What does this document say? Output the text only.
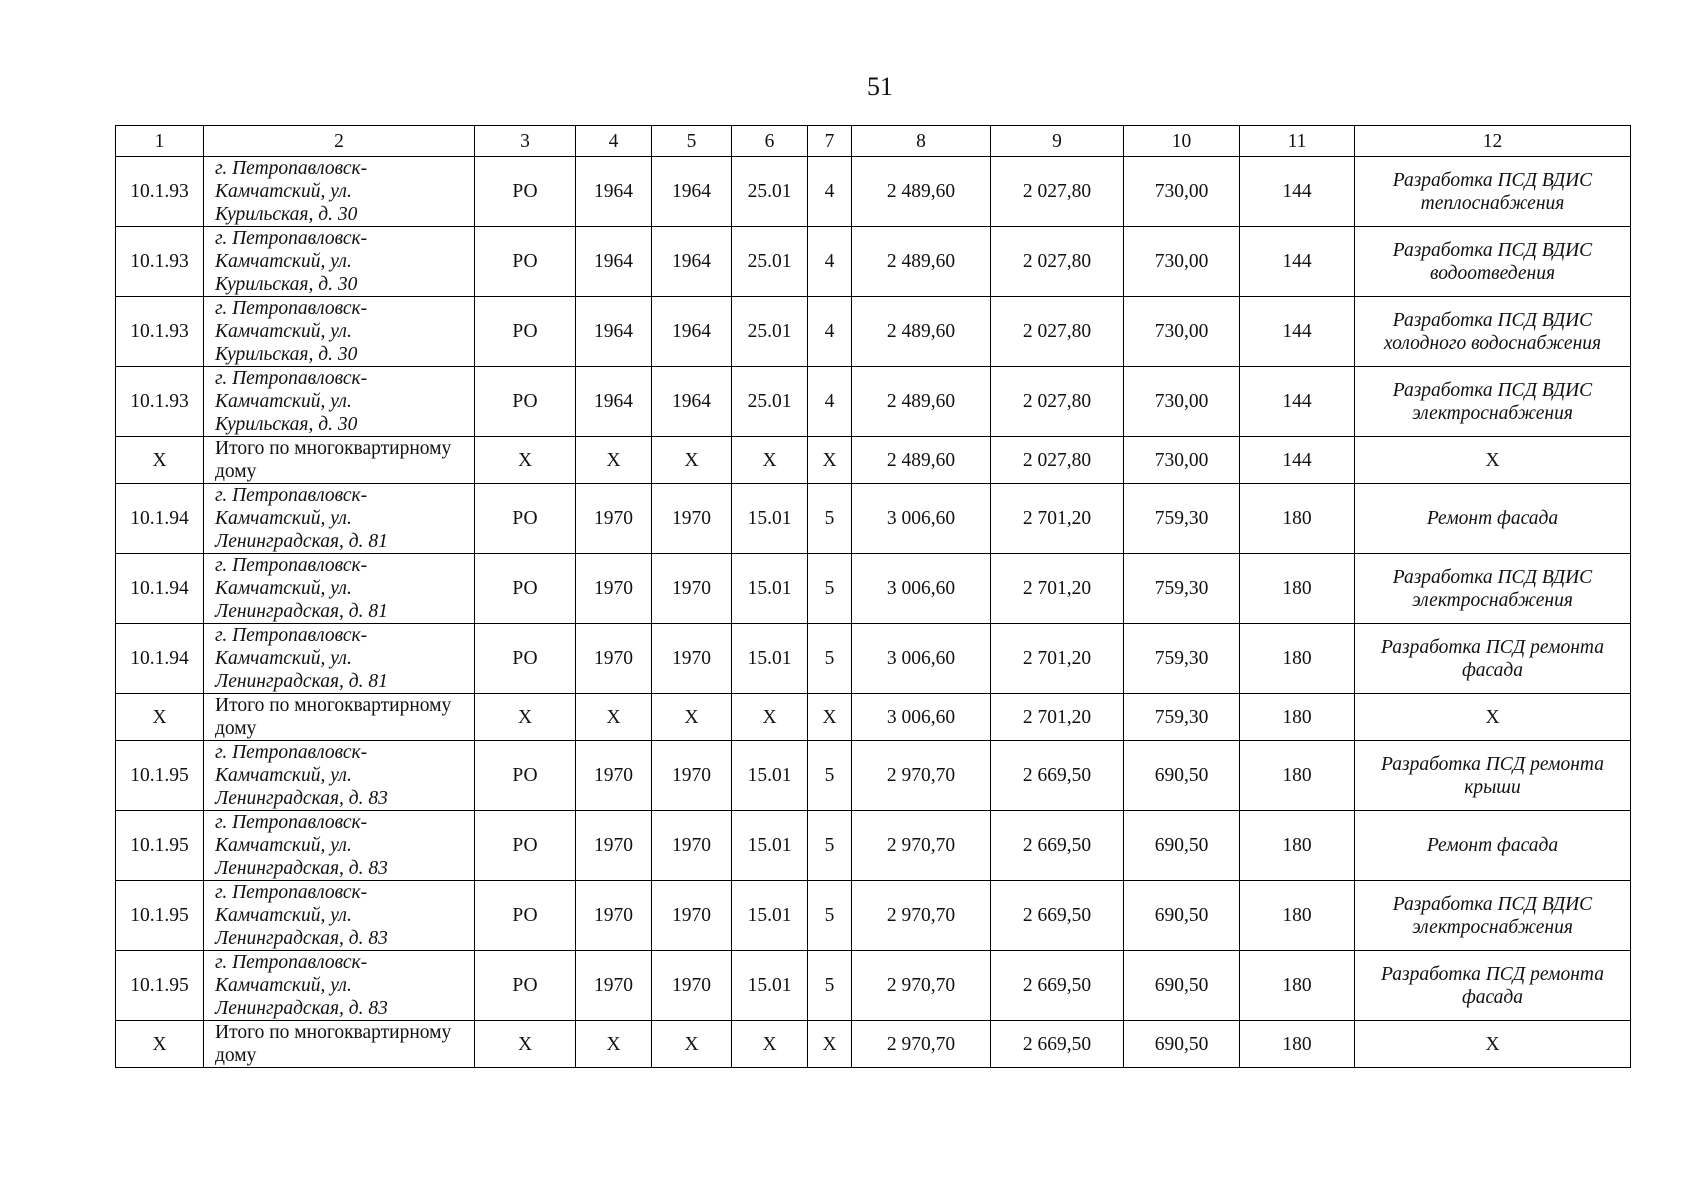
51
1	2	3	4	5	6	7	8	9	10	11	12
10.1.93	г. Петропавловск-
Камчатский, ул.
Курильская, д. 30	РО	1964	1964	25.01	4	2 489,60	2 027,80	730,00	144	Разработка ПСД ВДИС
теплоснабжения
10.1.93	г. Петропавловск-
Камчатский, ул.
Курильская, д. 30	РО	1964	1964	25.01	4	2 489,60	2 027,80	730,00	144	Разработка ПСД ВДИС
водоотведения
10.1.93	г. Петропавловск-
Камчатский, ул.
Курильская, д. 30	РО	1964	1964	25.01	4	2 489,60	2 027,80	730,00	144	Разработка ПСД ВДИС
холодного водоснабжения
10.1.93	г. Петропавловск-
Камчатский, ул.
Курильская, д. 30	РО	1964	1964	25.01	4	2 489,60	2 027,80	730,00	144	Разработка ПСД ВДИС
электроснабжения
Х	Итого по многоквартирному
дому	Х	Х	Х	Х	Х	2 489,60	2 027,80	730,00	144	Х
10.1.94	г. Петропавловск-
Камчатский, ул.
Ленинградская, д. 81	РО	1970	1970	15.01	5	3 006,60	2 701,20	759,30	180	Ремонт фасада
10.1.94	г. Петропавловск-
Камчатский, ул.
Ленинградская, д. 81	РО	1970	1970	15.01	5	3 006,60	2 701,20	759,30	180	Разработка ПСД ВДИС
электроснабжения
10.1.94	г. Петропавловск-
Камчатский, ул.
Ленинградская, д. 81	РО	1970	1970	15.01	5	3 006,60	2 701,20	759,30	180	Разработка ПСД ремонта
фасада
Х	Итого по многоквартирному
дому	Х	Х	Х	Х	Х	3 006,60	2 701,20	759,30	180	Х
10.1.95	г. Петропавловск-
Камчатский, ул.
Ленинградская, д. 83	РО	1970	1970	15.01	5	2 970,70	2 669,50	690,50	180	Разработка ПСД ремонта
крыши
10.1.95	г. Петропавловск-
Камчатский, ул.
Ленинградская, д. 83	РО	1970	1970	15.01	5	2 970,70	2 669,50	690,50	180	Ремонт фасада
10.1.95	г. Петропавловск-
Камчатский, ул.
Ленинградская, д. 83	РО	1970	1970	15.01	5	2 970,70	2 669,50	690,50	180	Разработка ПСД ВДИС
электроснабжения
10.1.95	г. Петропавловск-
Камчатский, ул.
Ленинградская, д. 83	РО	1970	1970	15.01	5	2 970,70	2 669,50	690,50	180	Разработка ПСД ремонта
фасада
Х	Итого по многоквартирному
дому	Х	Х	Х	Х	Х	2 970,70	2 669,50	690,50	180	Х
